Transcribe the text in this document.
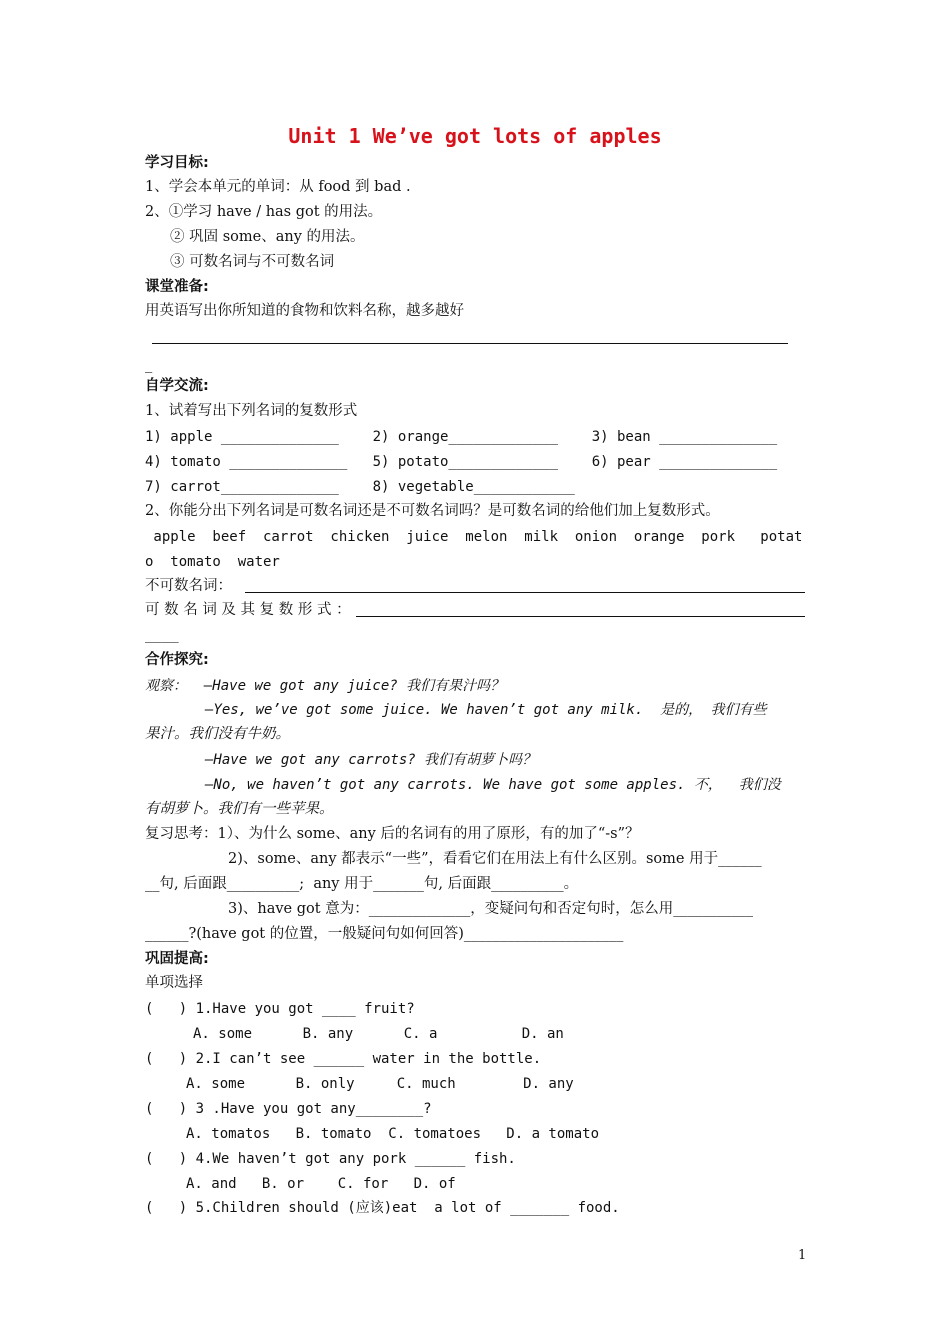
Unit 1 We’ve got lots of apples
学习目标:
1、学会本单元的单词：从 food 到 bad .
2、①学习 have / has got 的用法。
② 巩固 some、any 的用法。
③ 可数名词与不可数名词
课堂准备:
用英语写出你所知道的食物和饮料名称，越多越好
_
自学交流:
1、试着写出下列名词的复数形式
1) apple ______________    2) orange_____________    3) bean ______________
4) tomato ______________   5) potato_____________    6) pear ______________
7) carrot______________    8) vegetable____________
2、你能分出下列名词是可数名词还是不可数名词吗？是可数名词的给他们加上复数形式。
apple  beef  carrot  chicken  juice  melon  milk  onion  orange  pork   potat
o  tomato  water
不可数名词：
可 数 名 词 及 其 复 数 形 式 ：
____
合作探究:
观察：  —Have we got any juice? 我们有果汁吗？
—Yes, we’ve got some juice. We haven’t got any milk.  是的， 我们有些
果汁。我们没有牛奶。
—Have we got any carrots? 我们有胡萝卜吗？
—No, we haven’t got any carrots. We have got some apples. 不，  我们没
有胡萝卜。我们有一些苹果。
复习思考：1）、为什么 some、any 后的名词有的用了原形，有的加了“-s”？
2)、some、any 都表示“一些”，看看它们在用法上有什么区别。some 用于______
__句, 后面跟__________;  any 用于_______句, 后面跟__________。
3)、have got 意为：______________，变疑问句和否定句时，怎么用___________
______?(have got 的位置，一般疑问句如何回答)______________________
巩固提高:
单项选择
(   ) 1.Have you got ____ fruit?
A. some      B. any      C. a          D. an
(   ) 2.I can’t see ______ water in the bottle.
A. some      B. only     C. much        D. any
(   ) 3 .Have you got any________?
A. tomatos   B. tomato  C. tomatoes   D. a tomato
(   ) 4.We haven’t got any pork ______ fish.
A. and   B. or    C. for   D. of
(   ) 5.Children should (应该)eat  a lot of _______ food.
1
